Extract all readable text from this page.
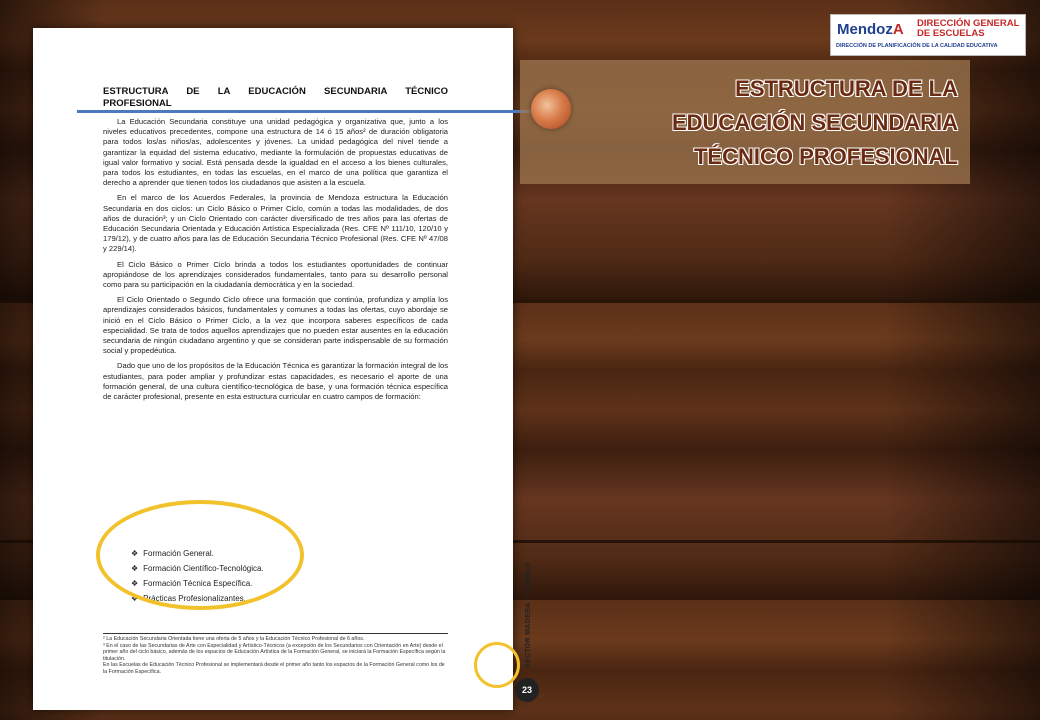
MendozA DIRECCIÓN GENERAL
DE ESCUELAS
DIRECCIÓN DE PLANIFICACIÓN DE LA CALIDAD EDUCATIVA
ESTRUCTURA DE LA EDUCACIÓN SECUNDARIA TÉCNICO
PROFESIONAL

La Educación Secundaria constituye una unidad pedagógica y organizativa que, junto a los niveles educativos precedentes, compone una estructura de 14 ó 15 años² de duración obligatoria para todos los/as niños/as, adolescentes y jóvenes. La unidad pedagógica del nivel tiende a garantizar la equidad del sistema educativo, mediante la formulación de propuestas educativas de igual valor formativo y social. Está pensada desde la igualdad en el acceso a los bienes culturales, para todos los estudiantes, en todas las escuelas, en el marco de una política que garantiza el derecho a aprender que tienen todos los ciudadanos que asisten a la escuela.

En el marco de los Acuerdos Federales, la provincia de Mendoza estructura la Educación Secundaria en dos ciclos: un Ciclo Básico o Primer Ciclo, común a todas las modalidades, de dos años de duración³; y un Ciclo Orientado con carácter diversificado de tres años para las ofertas de Educación Secundaria Orientada y Educación Artística Especializada (Res. CFE Nº 111/10, 120/10 y 179/12), y de cuatro años para las de Educación Secundaria Técnico Profesional (Res. CFE Nº 47/08 y 229/14).

El Ciclo Básico o Primer Ciclo brinda a todos los estudiantes oportunidades de continuar apropiándose de los aprendizajes considerados fundamentales, tanto para su desarrollo personal como para su participación en la ciudadanía democrática y en la sociedad.

El Ciclo Orientado o Segundo Ciclo ofrece una formación que continúa, profundiza y amplía los aprendizajes considerados básicos, fundamentales y comunes a todas las ofertas, cuyo abordaje se inició en el Ciclo Básico o Primer Ciclo, a la vez que incorpora saberes específicos de cada especialidad. Se trata de todos aquellos aprendizajes que no pueden estar ausentes en la educación secundaria de ningún ciudadano argentino y que se consideran parte indispensable de su formación social y propedéutica.

Dado que uno de los propósitos de la Educación Técnica es garantizar la formación integral de los estudiantes, para poder ampliar y profundizar estas capacidades, es necesario el aporte de una formación general, de una cultura científico-tecnológica de base, y una formación técnica específica de carácter profesional, presente en esta estructura curricular en cuatro campos de formación:

❖ Formación General.
❖ Formación Científico-Tecnológica.
❖ Formación Técnica Específica.
❖ Prácticas Profesionalizantes.
² La Educación Secundaria Orientada tiene una oferta de 5 años y la Educación Técnico Profesional de 6 años.
³ En el caso de las Secundarias de Arte con Especialidad y Artístico-Técnicos (a excepción de los Secundarios con Orientación en Arte) desde el primer año del ciclo básico, además de los espacios de Educación Artística de la Formación General, se iniciará la Formación Específica según la titulación.
En las Escuelas de Educación Técnico Profesional se implementará desde el primer año tanto los espacios de la Formación General como los de la Formación Específica.
SECTOR MADERA Y MUEBLE
23
ESTRUCTURA DE LA
EDUCACIÓN SECUNDARIA
TÉCNICO PROFESIONAL
